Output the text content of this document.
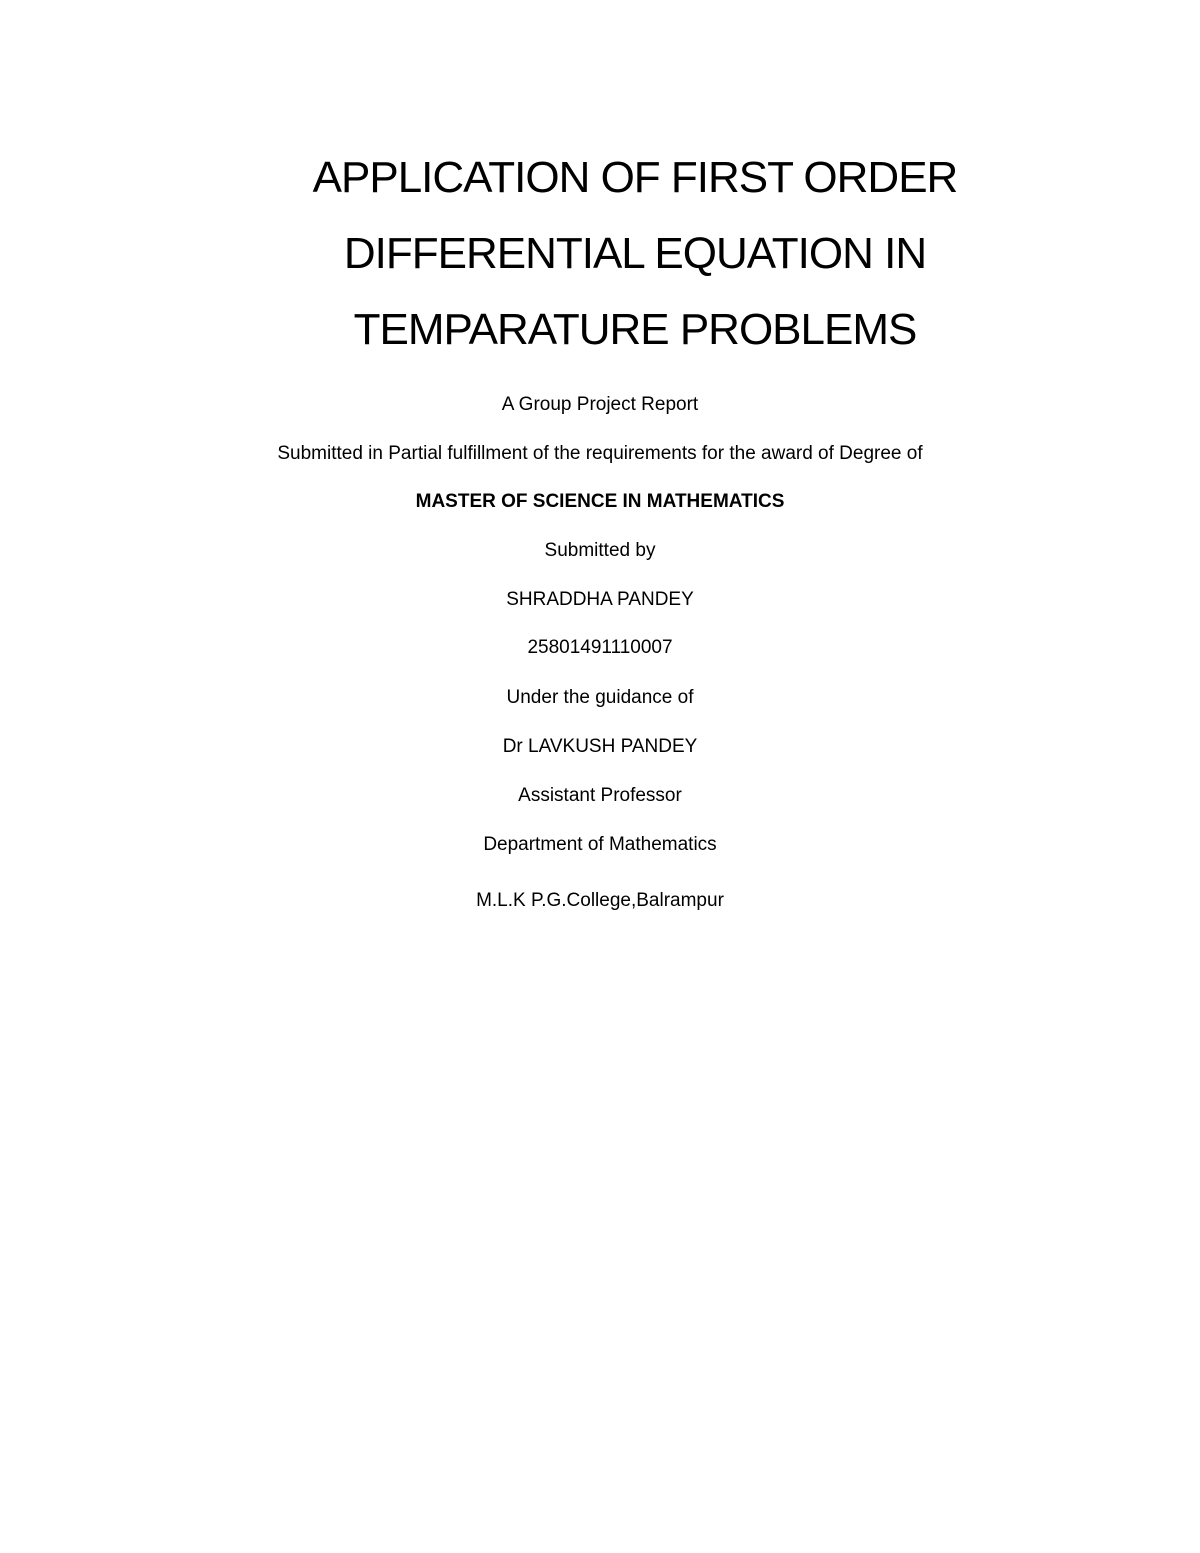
APPLICATION OF FIRST ORDER
DIFFERENTIAL EQUATION IN
TEMPARATURE PROBLEMS
A Group Project Report
Submitted in Partial fulfillment of the requirements for the award of Degree of
MASTER OF SCIENCE IN MATHEMATICS
Submitted by
SHRADDHA PANDEY
25801491110007
Under the guidance of
Dr LAVKUSH PANDEY
Assistant Professor
Department of Mathematics
M.L.K P.G.College,Balrampur
